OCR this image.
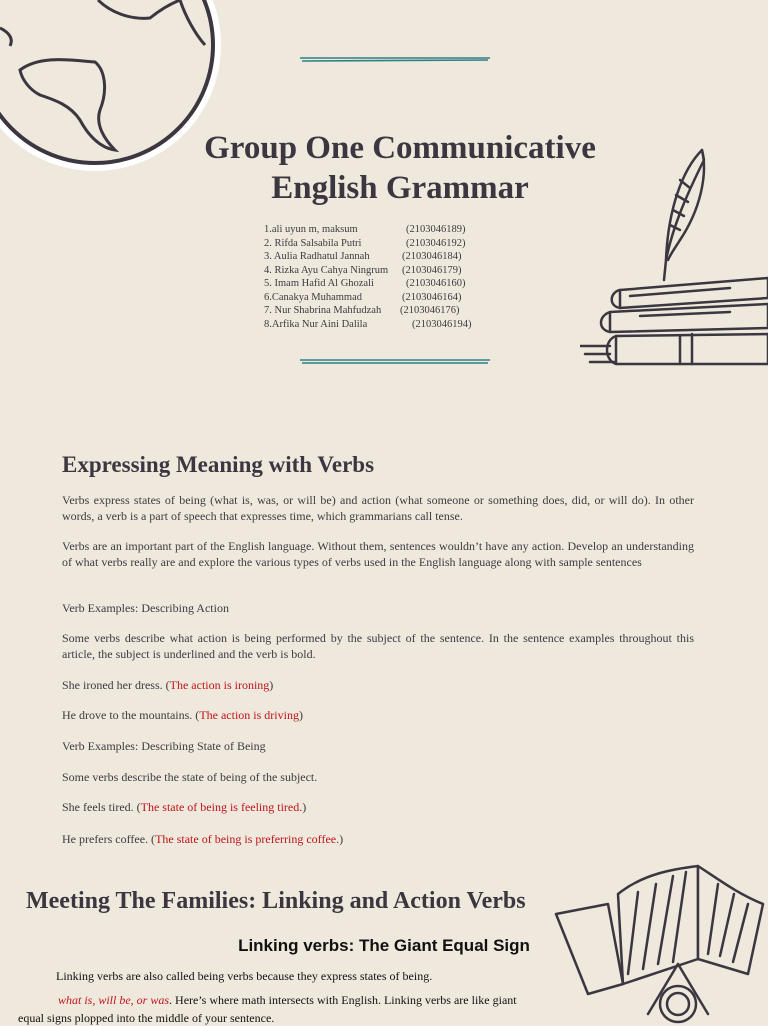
Group One Communicative
English Grammar
1.ali uyun m, maksum	(2103046189)
2. Rifda Salsabila Putri	(2103046192)
3. Aulia Radhatul Jannah	(2103046184)
4. Rizka Ayu Cahya Ningrum	(2103046179)
5. Imam Hafid Al Ghozali	(2103046160)
6.Canakya Muhammad	(2103046164)
7. Nur Shabrina Mahfudzah	(2103046176)
8.Arfika Nur Aini Dalila	(2103046194)
Expressing Meaning with Verbs
Verbs express states of being (what is, was, or will be) and action (what someone or something does, did, or will do). In other words, a verb is a part of speech that expresses time, which grammarians call tense.
Verbs are an important part of the English language. Without them, sentences wouldn’t have any action. Develop an understanding of what verbs really are and explore the various types of verbs used in the English language along with sample sentences
Verb Examples: Describing Action
Some verbs describe what action is being performed by the subject of the sentence. In the sentence examples throughout this article, the subject is underlined and the verb is bold.
She ironed her dress. (The action is ironing)
He drove to the mountains. (The action is driving)
Verb Examples: Describing State of Being
Some verbs describe the state of being of the subject.
She feels tired. (The state of being is feeling tired.)
He prefers coffee. (The state of being is preferring coffee.)
Meeting The Families: Linking and Action Verbs
Linking verbs: The Giant Equal Sign
Linking verbs are also called being verbs because they express states of being.
what is, will be, or was. Here’s where math intersects with English. Linking verbs are like giant
equal signs plopped into the middle of your sentence.
